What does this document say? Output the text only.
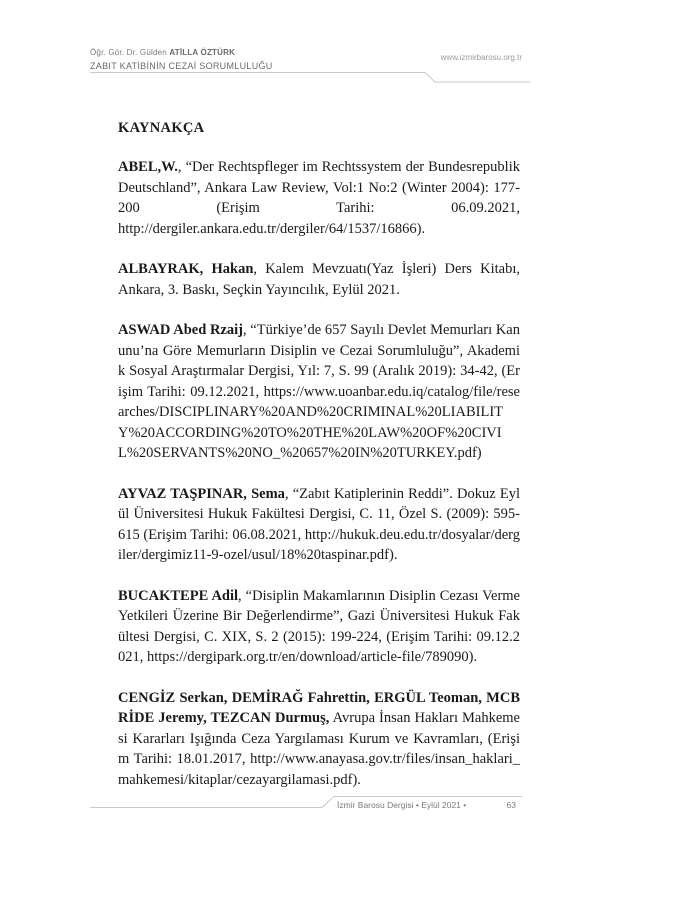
Öğr. Gör. Dr. Gülden ATİLLA ÖZTÜRK
ZABIT KATİBİNİN CEZAİ SORUMLULUĞU
www.izmirbarosu.org.tr
KAYNAKÇA

ABEL,W., “Der Rechtspfleger im Rechtssystem der Bundesrepublik Deutschland”, Ankara Law Review, Vol:1 No:2 (Winter 2004): 177-200 (Erişim Tarihi: 06.09.2021, http://dergiler.ankara.edu.tr/dergiler/64/1537/16866).

ALBAYRAK, Hakan, Kalem Mevzuatı(Yaz İşleri) Ders Kitabı, Ankara, 3. Baskı, Seçkin Yayıncılık, Eylül 2021.

ASWAD Abed Rzaij, “Türkiye’de 657 Sayılı Devlet Memurları Kanunu’na Göre Memurların Disiplin ve Cezai Sorumluluğu”, Akademik Sosyal Araştırmalar Dergisi, Yıl: 7, S. 99 (Aralık 2019): 34-42, (Erişim Tarihi: 09.12.2021, https://www.uoanbar.edu.iq/catalog/file/researches/DISCIPLINARY%20AND%20CRIMINAL%20LIABILITY%20ACCORDING%20TO%20THE%20LAW%20OF%20CIVIL%20SERVANTS%20NO_%20657%20IN%20TURKEY.pdf)

AYVAZ TAŞPINAR, Sema, “Zabıt Katiplerinin Reddi”. Dokuz Eylül Üniversitesi Hukuk Fakültesi Dergisi, C. 11, Özel S. (2009): 595-615 (Erişim Tarihi: 06.08.2021, http://hukuk.deu.edu.tr/dosyalar/dergiler/dergimiz11-9-ozel/usul/18%20taspinar.pdf).

BUCAKTEPE Adil, “Disiplin Makamlarının Disiplin Cezası Verme Yetkileri Üzerine Bir Değerlendirme”, Gazi Üniversitesi Hukuk Fakültesi Dergisi, C. XIX, S. 2 (2015): 199-224, (Erişim Tarihi: 09.12.2021, https://dergipark.org.tr/en/download/article-file/789090).

CENGİZ Serkan, DEMİRAĞ Fahrettin, ERGÜL Teoman, MCBRİDE Jeremy, TEZCAN Durmuş, Avrupa İnsan Hakları Mahkemesi Kararları Işığında Ceza Yargılaması Kurum ve Kavramları, (Erişim Tarihi: 18.01.2017, http://www.anayasa.gov.tr/files/insan_haklari_mahkemesi/kitaplar/cezayargilamasi.pdf).

İzmir Barosu Dergisi • Eylül 2021 •	63
